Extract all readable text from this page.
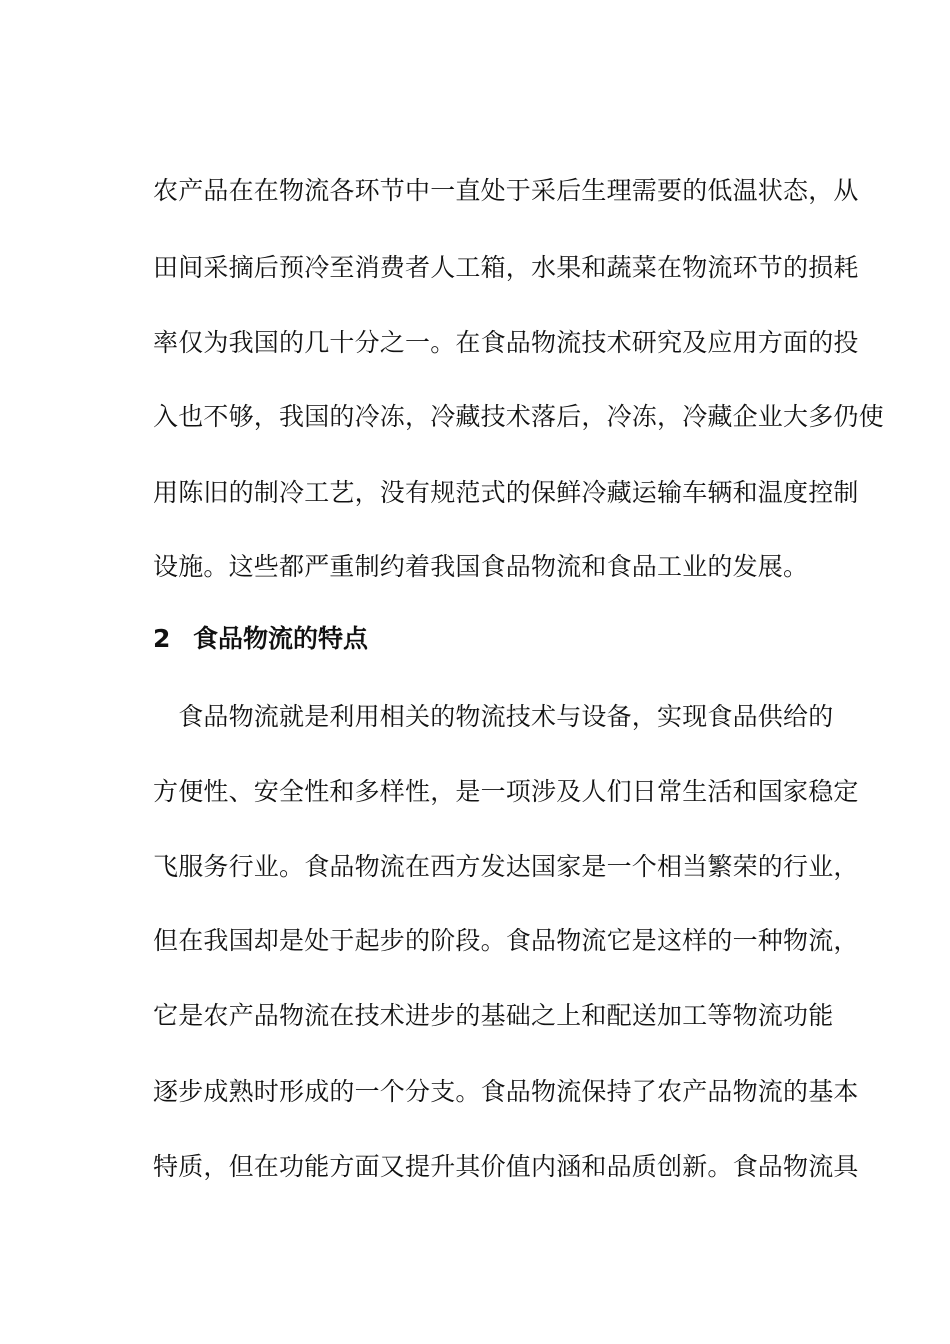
农产品在在物流各环节中一直处于采后生理需要的低温状态，从
田间采摘后预冷至消费者人工箱，水果和蔬菜在物流环节的损耗
率仅为我国的几十分之一。在食品物流技术研究及应用方面的投
入也不够，我国的冷冻，冷藏技术落后，冷冻，冷藏企业大多仍使
用陈旧的制冷工艺，没有规范式的保鲜冷藏运输车辆和温度控制
设施。这些都严重制约着我国食品物流和食品工业的发展。
2 食品物流的特点
　食品物流就是利用相关的物流技术与设备，实现食品供给的
方便性、安全性和多样性，是一项涉及人们日常生活和国家稳定
飞服务行业。食品物流在西方发达国家是一个相当繁荣的行业，
但在我国却是处于起步的阶段。食品物流它是这样的一种物流，
它是农产品物流在技术进步的基础之上和配送加工等物流功能
逐步成熟时形成的一个分支。食品物流保持了农产品物流的基本
特质，但在功能方面又提升其价值内涵和品质创新。食品物流具
